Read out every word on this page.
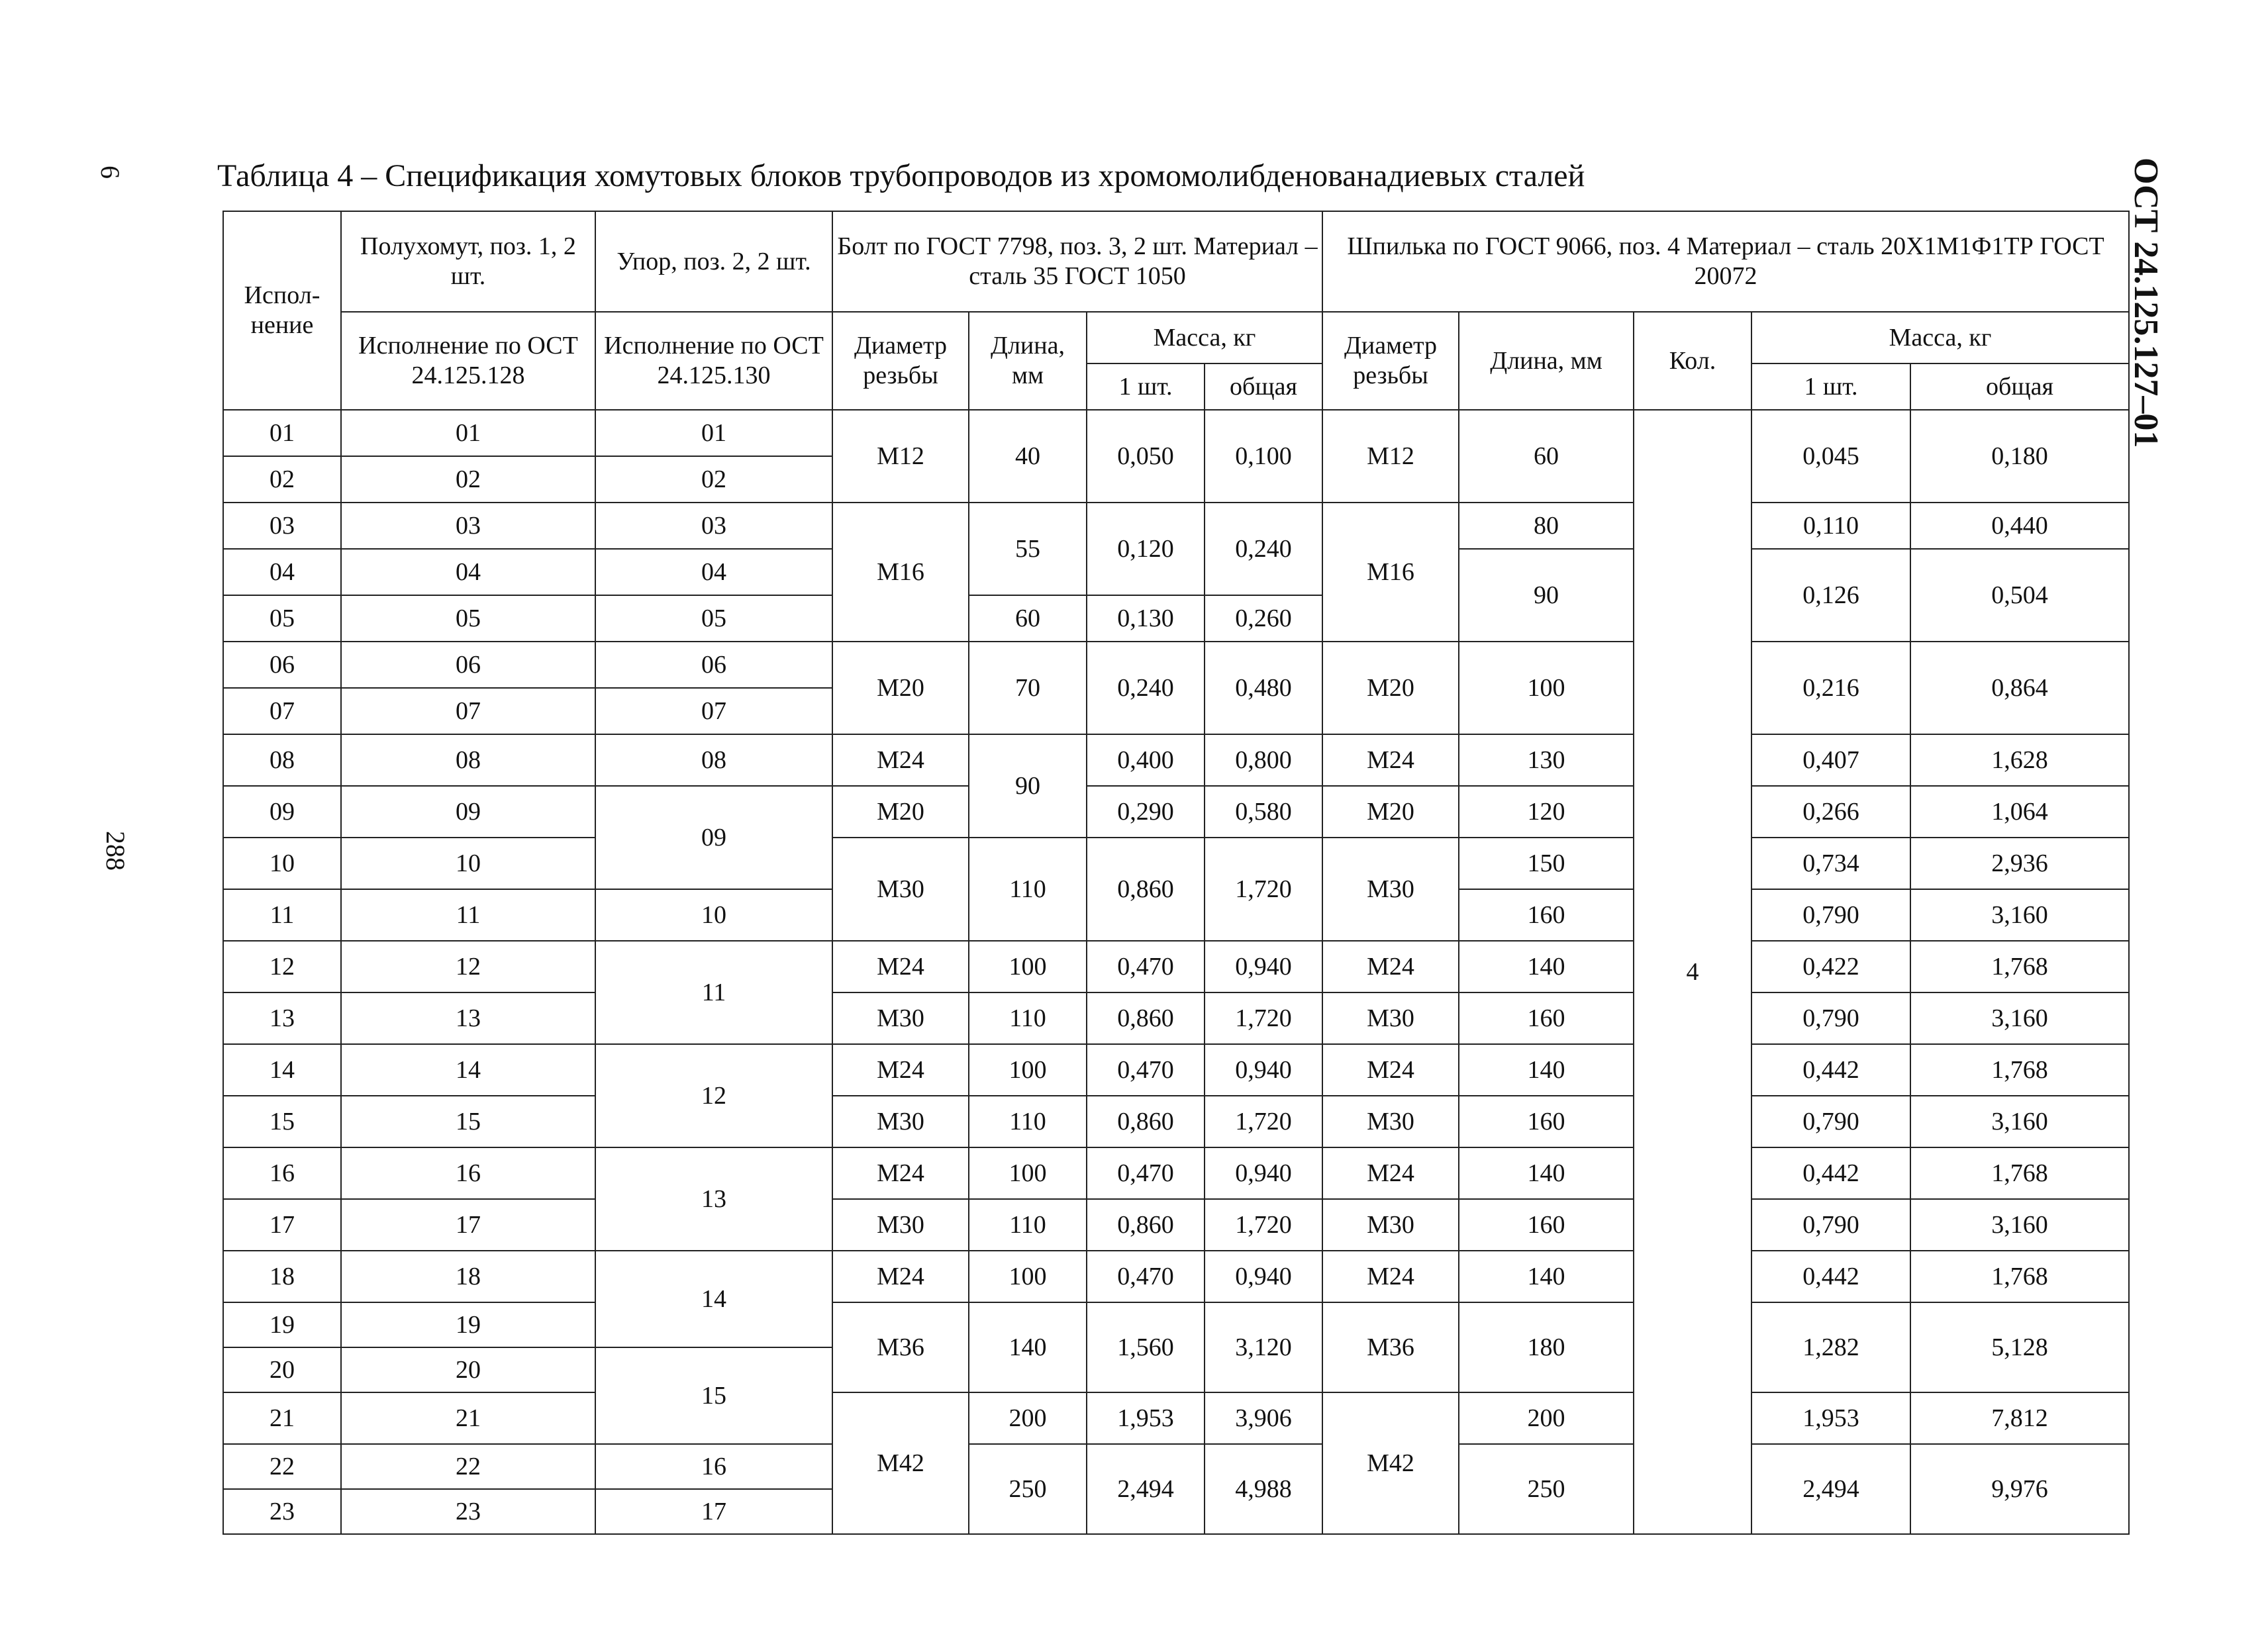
6
288
ОСТ 24.125.127–01
Таблица 4 – Спецификация хомутовых блоков трубопроводов из хромомолибденованадиевых сталей
Испол-нение	Полухомут, поз. 1, 2 шт.	Упор, поз. 2, 2 шт.	Болт по ГОСТ 7798, поз. 3, 2 шт. Материал – сталь 35 ГОСТ 1050				Шпилька по ГОСТ 9066, поз. 4 Материал – сталь 20Х1М1Ф1ТР ГОСТ 20072				
	Исполнение по ОСТ 24.125.128	Исполнение по ОСТ 24.125.130	Диаметр резьбы	Длина, мм	Масса, кг		Диаметр резьбы	Длина, мм	Кол.	Масса, кг	
					1 шт.	общая				1 шт.	общая
01	01	01	M12	40	0,050	0,100	M12	60	4	0,045	0,180
02	02	02									
03	03	03	M16	55	0,120	0,240	M16	80		0,110	0,440
04	04	04						90		0,126	0,504
05	05	05		60	0,130	0,260					
06	06	06	M20	70	0,240	0,480	M20	100		0,216	0,864
07	07	07									
08	08	08	M24	90	0,400	0,800	M24	130		0,407	1,628
09	09	09	M20		0,290	0,580	M20	120		0,266	1,064
10	10		M30	110	0,860	1,720	M30	150		0,734	2,936
11	11	10						160		0,790	3,160
12	12	11	M24	100	0,470	0,940	M24	140		0,422	1,768
13	13		M30	110	0,860	1,720	M30	160		0,790	3,160
14	14	12	M24	100	0,470	0,940	M24	140		0,442	1,768
15	15		M30	110	0,860	1,720	M30	160		0,790	3,160
16	16	13	M24	100	0,470	0,940	M24	140		0,442	1,768
17	17		M30	110	0,860	1,720	M30	160		0,790	3,160
18	18	14	M24	100	0,470	0,940	M24	140		0,442	1,768
19	19		M36	140	1,560	3,120	M36	180		1,282	5,128
20	20	15									
21	21		M42	200	1,953	3,906	M42	200		1,953	7,812
22	22	16		250	2,494	4,988		250		2,494	9,976
23	23	17									
